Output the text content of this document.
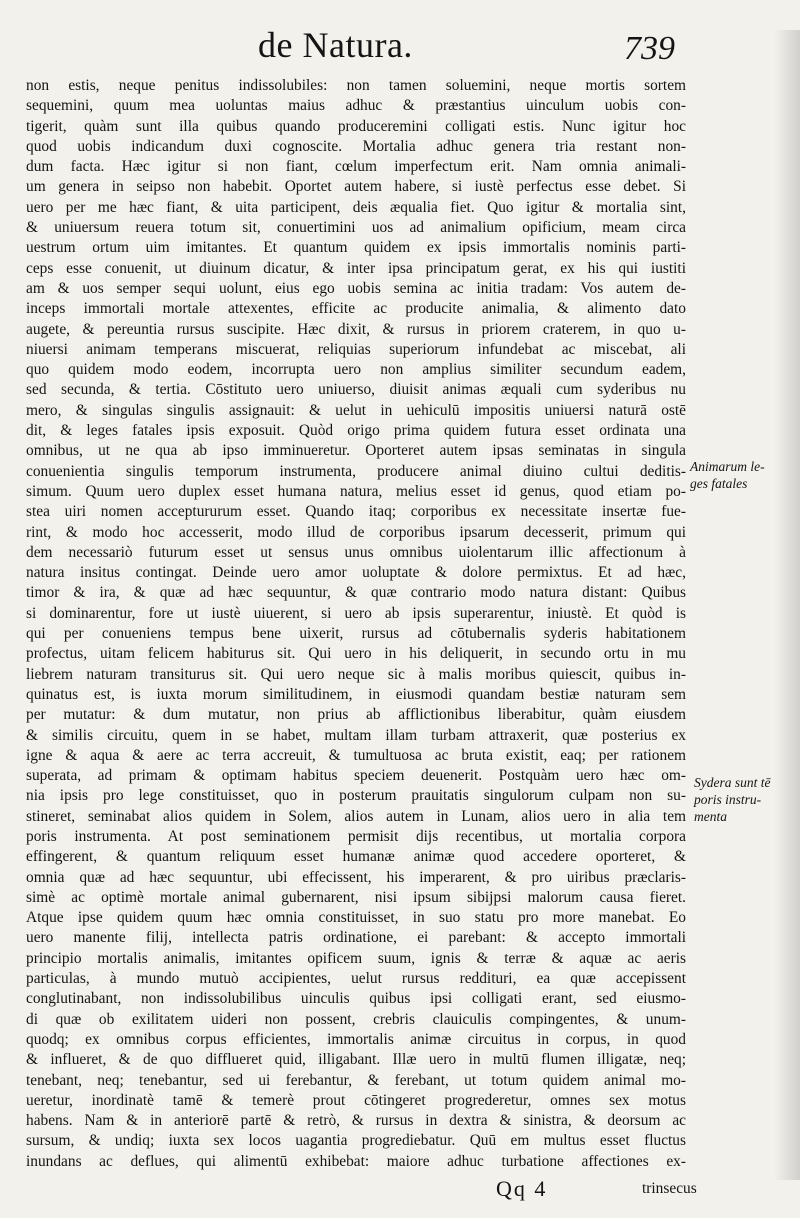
de Natura.	739
non estis, neque penitus indissolubiles: non tamen soluemini, neque mortis sortem
sequemini, quum mea uoluntas maius adhuc & præstantius uinculum uobis con-
tigerit, quàm sunt illa quibus quando produceremini colligati estis. Nunc igitur hoc
quod uobis indicandum duxi cognoscite. Mortalia adhuc genera tria restant non-
dum facta. Hæc igitur si non fiant, cœlum imperfectum erit. Nam omnia animali-
um genera in seipso non habebit. Oportet autem habere, si iustè perfectus esse debet. Si
uero per me hæc fiant, & uita participent, deis æqualia fiet. Quo igitur & mortalia sint,
& uniuersum reuera totum sit, conuertimini uos ad animalium opificium, meam circa
uestrum ortum uim imitantes. Et quantum quidem ex ipsis immortalis nominis parti-
ceps esse conuenit, ut diuinum dicatur, & inter ipsa principatum gerat, ex his qui iustiti
am & uos semper sequi uolunt, eius ego uobis semina ac initia tradam: Vos autem de-
inceps immortali mortale attexentes, efficite ac producite animalia, & alimento dato
augete, & pereuntia rursus suscipite. Hæc dixit, & rursus in priorem craterem, in quo u-
niuersi animam temperans miscuerat, reliquias superiorum infundebat ac miscebat, ali
quo quidem modo eodem, incorrupta uero non amplius similiter secundum eadem,
sed secunda, & tertia. Cōstituto uero uniuerso, diuisit animas æquali cum syderibus nu
mero, & singulas singulis assignauit: & uelut in uehiculū impositis uniuersi naturā ostē
dit, & leges fatales ipsis exposuit. Quòd origo prima quidem futura esset ordinata una
omnibus, ut ne qua ab ipso imminueretur. Oporteret autem ipsas seminatas in singula
conuenientia singulis temporum instrumenta, producere animal diuino cultui deditis-
simum. Quum uero duplex esset humana natura, melius esset id genus, quod etiam po-
stea uiri nomen acceptururum esset. Quando itaq; corporibus ex necessitate insertæ fue-
rint, & modo hoc accesserit, modo illud de corporibus ipsarum decesserit, primum qui
dem necessariò futurum esset ut sensus unus omnibus uiolentarum illic affectionum à
natura insitus contingat. Deinde uero amor uoluptate & dolore permixtus. Et ad hæc,
timor & ira, & quæ ad hæc sequuntur, & quæ contrario modo natura distant: Quibus
si dominarentur, fore ut iustè uiuerent, si uero ab ipsis superarentur, iniustè. Et quòd is
qui per conueniens tempus bene uixerit, rursus ad cōtubernalis syderis habitationem
profectus, uitam felicem habiturus sit. Qui uero in his deliquerit, in secundo ortu in mu
liebrem naturam transiturus sit. Qui uero neque sic à malis moribus quiescit, quibus in-
quinatus est, is iuxta morum similitudinem, in eiusmodi quandam bestiæ naturam sem
per mutatur: & dum mutatur, non prius ab afflictionibus liberabitur, quàm eiusdem
& similis circuitu, quem in se habet, multam illam turbam attraxerit, quæ posterius ex
igne & aqua & aere ac terra accreuit, & tumultuosa ac bruta existit, eaq; per rationem
superata, ad primam & optimam habitus speciem deuenerit. Postquàm uero hæc om-
nia ipsis pro lege constituisset, quo in posterum prauitatis singulorum culpam non su-
stineret, seminabat alios quidem in Solem, alios autem in Lunam, alios uero in alia tem
poris instrumenta. At post seminationem permisit dijs recentibus, ut mortalia corpora
effingerent, & quantum reliquum esset humanæ animæ quod accedere oporteret, &
omnia quæ ad hæc sequuntur, ubi effecissent, his imperarent, & pro uiribus præclaris-
simè ac optimè mortale animal gubernarent, nisi ipsum sibijpsi malorum causa fieret.
Atque ipse quidem quum hæc omnia constituisset, in suo statu pro more manebat. Eo
uero manente filij, intellecta patris ordinatione, ei parebant: & accepto immortali
principio mortalis animalis, imitantes opificem suum, ignis & terræ & aquæ ac aeris
particulas, à mundo mutuò accipientes, uelut rursus reddituri, ea quæ accepissent
conglutinabant, non indissolubilibus uinculis quibus ipsi colligati erant, sed eiusmo-
di quæ ob exilitatem uideri non possent, crebris clauiculis compingentes, & unum-
quodq; ex omnibus corpus efficientes, immortalis animæ circuitus in corpus, in quod
& influeret, & de quo difflueret quid, illigabant. Illæ uero in multū flumen illigatæ, neq;
tenebant, neq; tenebantur, sed ui ferebantur, & ferebant, ut totum quidem animal mo-
ueretur, inordinatè tamē & temerè prout cōtingeret progrederetur, omnes sex motus
habens. Nam & in anteriorē partē & retrò, & rursus in dextra & sinistra, & deorsum ac
sursum, & undiq; iuxta sex locos uagantia progrediebatur. Quū em multus esset fluctus
inundans ac deflues, qui alimentū exhibebat: maiore adhuc turbatione affectiones ex-
Animarum le-
ges fatales
Sydera sunt tē
poris instru-
menta
Qq 4	trinsecus
